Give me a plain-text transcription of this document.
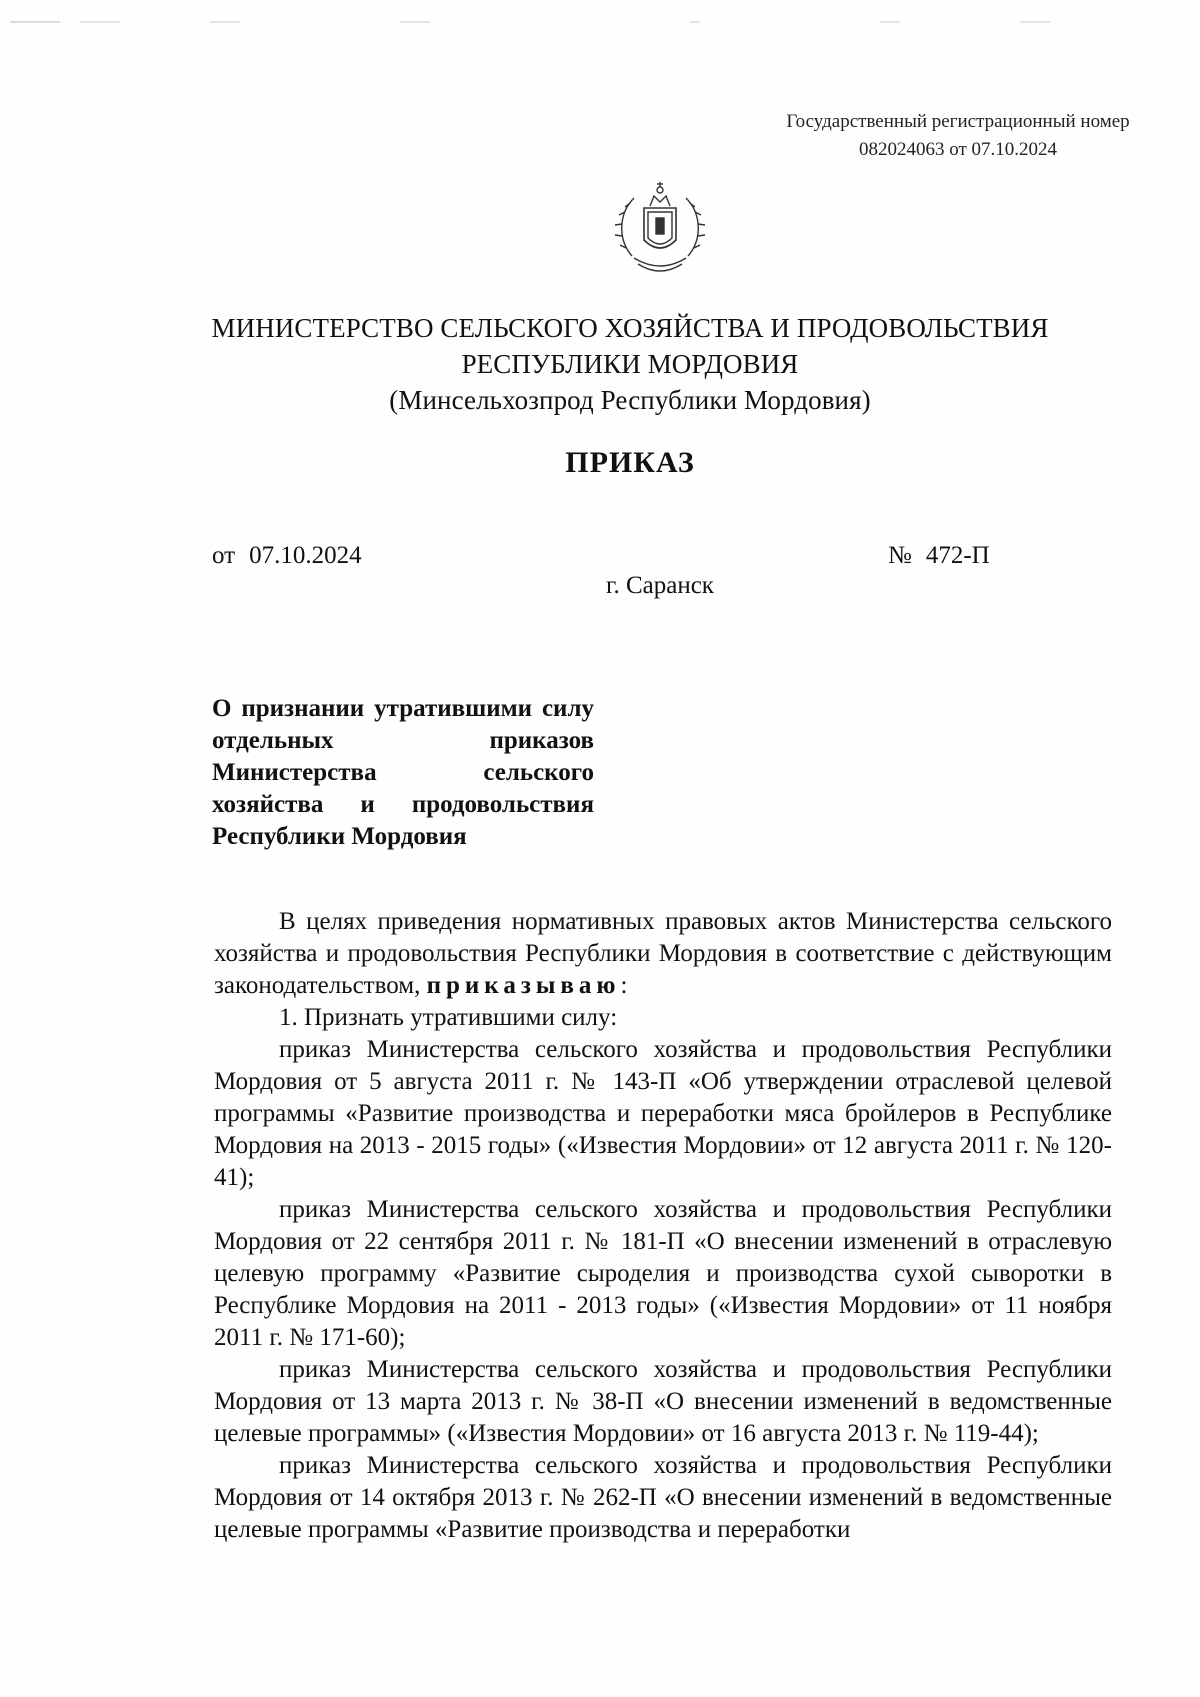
Государственный регистрационный номер
082024063 от 07.10.2024
МИНИСТЕРСТВО СЕЛЬСКОГО ХОЗЯЙСТВА И ПРОДОВОЛЬСТВИЯ
РЕСПУБЛИКИ МОРДОВИЯ
(Минсельхозпрод Республики Мордовия)
ПРИКАЗ
от 07.10.2024	№ 472-П
г. Саранск
О признании утратившими силу отдельных приказов Министерства сельского хозяйства и продовольствия Республики Мордовия

В целях приведения нормативных правовых актов Министерства сельского хозяйства и продовольствия Республики Мордовия в соответствие с действующим законодательством, приказываю:

1. Признать утратившими силу:

приказ Министерства сельского хозяйства и продовольствия Республики Мордовия от 5 августа 2011 г. № 143-П «Об утверждении отраслевой целевой программы «Развитие производства и переработки мяса бройлеров в Республике Мордовия на 2013 - 2015 годы» («Известия Мордовии» от 12 августа 2011 г. № 120-41);

приказ Министерства сельского хозяйства и продовольствия Республики Мордовия от 22 сентября 2011 г. № 181-П «О внесении изменений в отраслевую целевую программу «Развитие сыроделия и производства сухой сыворотки в Республике Мордовия на 2011 - 2013 годы» («Известия Мордовии» от 11 ноября 2011 г. № 171-60);

приказ Министерства сельского хозяйства и продовольствия Республики Мордовия от 13 марта 2013 г. № 38-П «О внесении изменений в ведомственные целевые программы» («Известия Мордовии» от 16 августа 2013 г. № 119-44);

приказ Министерства сельского хозяйства и продовольствия Республики Мордовия от 14 октября 2013 г. № 262-П «О внесении изменений в ведомственные целевые программы «Развитие производства и переработки
